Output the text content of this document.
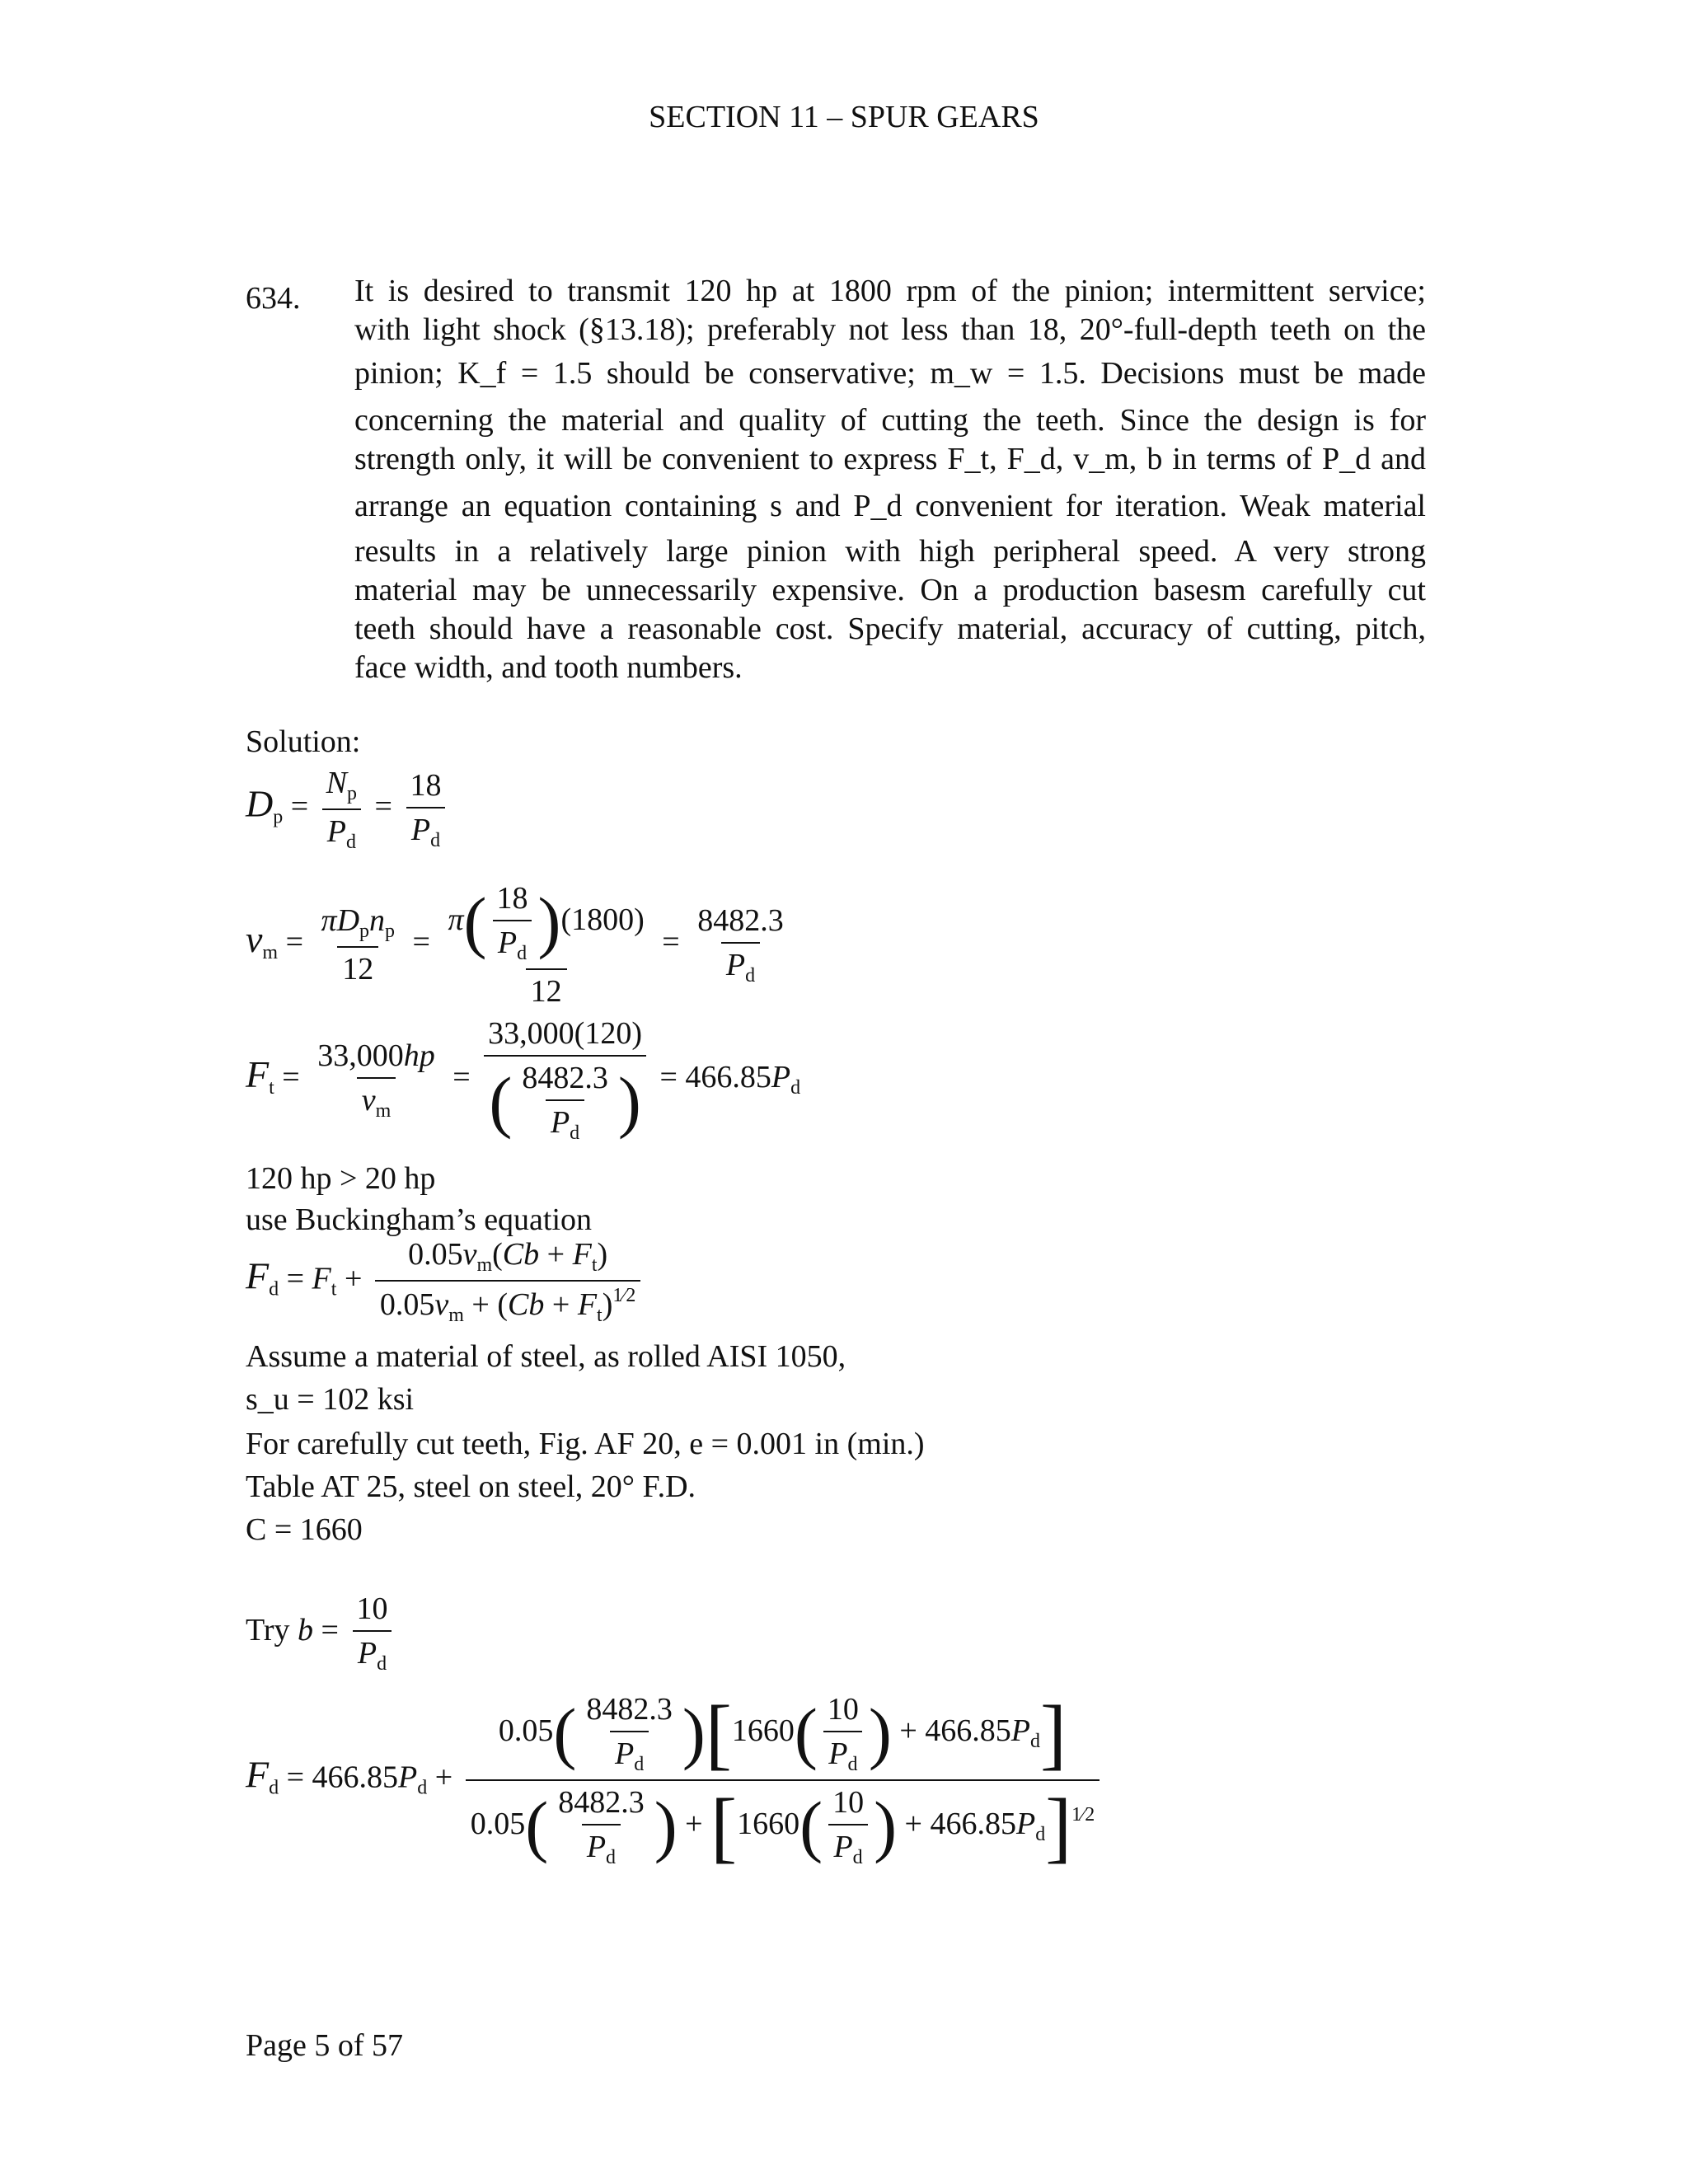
SECTION 11 – SPUR GEARS
634. It is desired to transmit 120 hp at 1800 rpm of the pinion; intermittent service;
with light shock (§13.18); preferably not less than 18, 20°-full-depth teeth on the
pinion; K_f = 1.5 should be conservative; m_w = 1.5. Decisions must be made
concerning the material and quality of cutting the teeth. Since the design is for
strength only, it will be convenient to express F_t, F_d, v_m, b in terms of P_d and
arrange an equation containing s and P_d convenient for iteration. Weak material
results in a relatively large pinion with high peripheral speed. A very strong
material may be unnecessarily expensive. On a production basesm carefully cut
teeth should have a reasonable cost. Specify material, accuracy of cutting, pitch,
face width, and tooth numbers.
Solution:
$D_p = \frac{N_p}{P_d} = \frac{18}{P_d}$
$v_m = \frac{\pi D_pn_p}{12} = \frac{\pi( \frac{18}{P_d} )(1800)}{12} = \frac{8482.3}{P_d}$
$F_t = \frac{33,000hp}{v_m} = \frac{33,000(120)}{( \frac{8482.3}{P_d} )} = 466.85P_d$
120 hp > 20 hp
use Buckingham’s equation
$F_d = F_t + \frac{0.05v_m(Cb + F_t)}{0.05v_m + (Cb + F_t)^{1⁄2}}$
Assume a material of steel, as rolled AISI 1050,
s_u = 102 ksi
For carefully cut teeth, Fig. AF 20, e = 0.001 in (min.)
Table AT 25, steel on steel, 20° F.D.
C = 1660
Try $b = \frac{10}{P_d}$
$F_d = 466.85P_d + \frac{0.05( \frac{8482.3}{P_d} )[1660( \frac{10}{P_d} ) + 466.85P_d]}{0.05( \frac{8482.3}{P_d} ) + [1660( \frac{10}{P_d} ) + 466.85P_d]^{1⁄2}}$
Page 5 of 57
